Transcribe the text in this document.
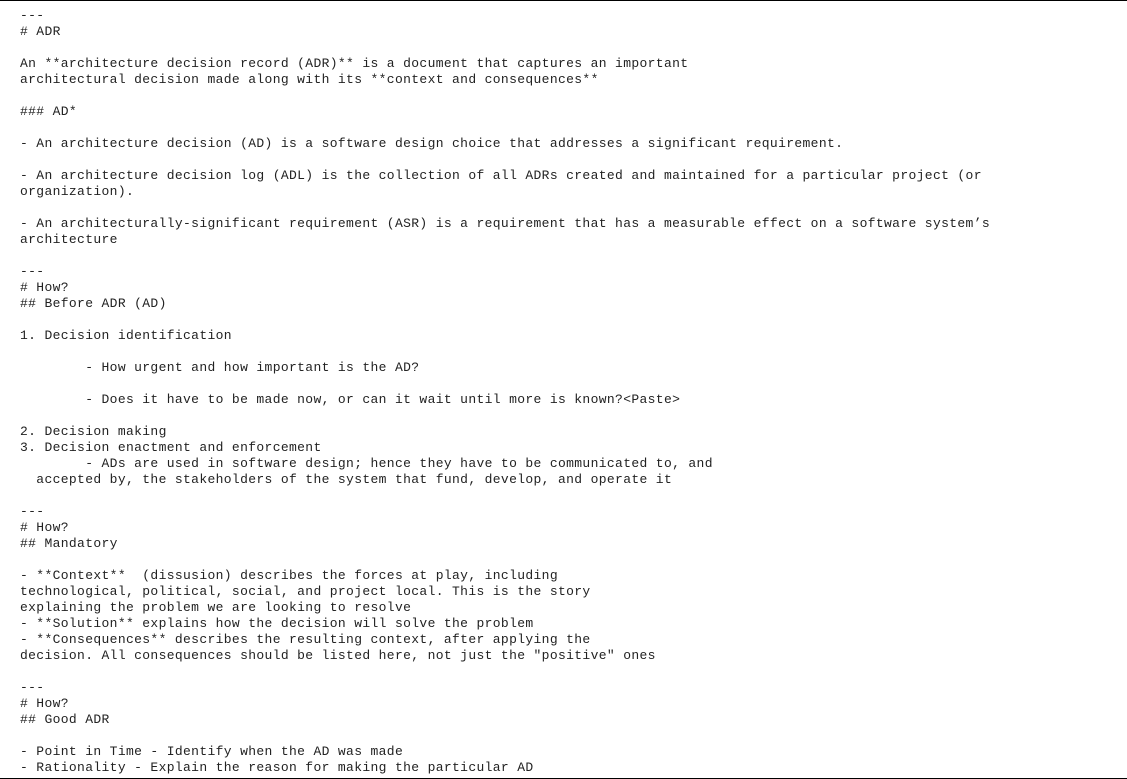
---
# ADR
An **architecture decision record (ADR)** is a document that captures an important
architectural decision made along with its **context and consequences**
### AD*
- An architecture decision (AD) is a software design choice that addresses a significant requirement.
- An architecture decision log (ADL) is the collection of all ADRs created and maintained for a particular project (or
organization).
- An architecturally-significant requirement (ASR) is a requirement that has a measurable effect on a software system’s
architecture
---
# How?
## Before ADR (AD)
1. Decision identification
- How urgent and how important is the AD?
- Does it have to be made now, or can it wait until more is known?<Paste>
2. Decision making
3. Decision enactment and enforcement
- ADs are used in software design; hence they have to be communicated to, and
accepted by, the stakeholders of the system that fund, develop, and operate it
---
# How?
## Mandatory
- **Context**  (dissusion) describes the forces at play, including
technological, political, social, and project local. This is the story
explaining the problem we are looking to resolve
- **Solution** explains how the decision will solve the problem
- **Consequences** describes the resulting context, after applying the
decision. All consequences should be listed here, not just the "positive" ones
---
# How?
## Good ADR
- Point in Time - Identify when the AD was made
- Rationality - Explain the reason for making the particular AD
